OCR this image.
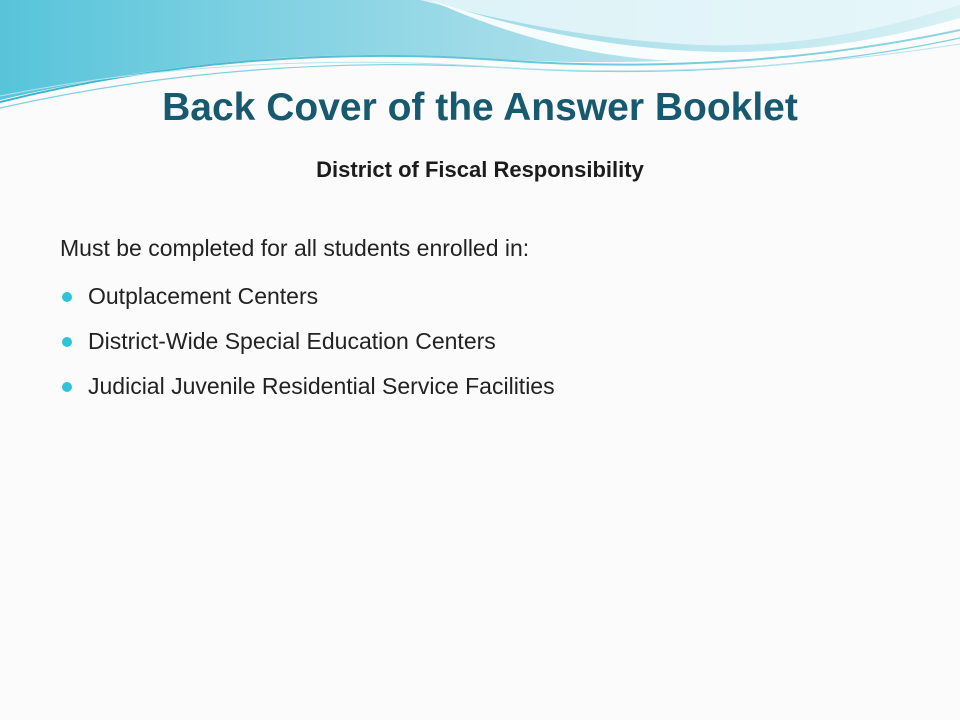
Back Cover of the Answer Booklet
District of Fiscal Responsibility

Must be completed for all students enrolled in:

Outplacement Centers
District-Wide Special Education Centers
Judicial Juvenile Residential Service Facilities
